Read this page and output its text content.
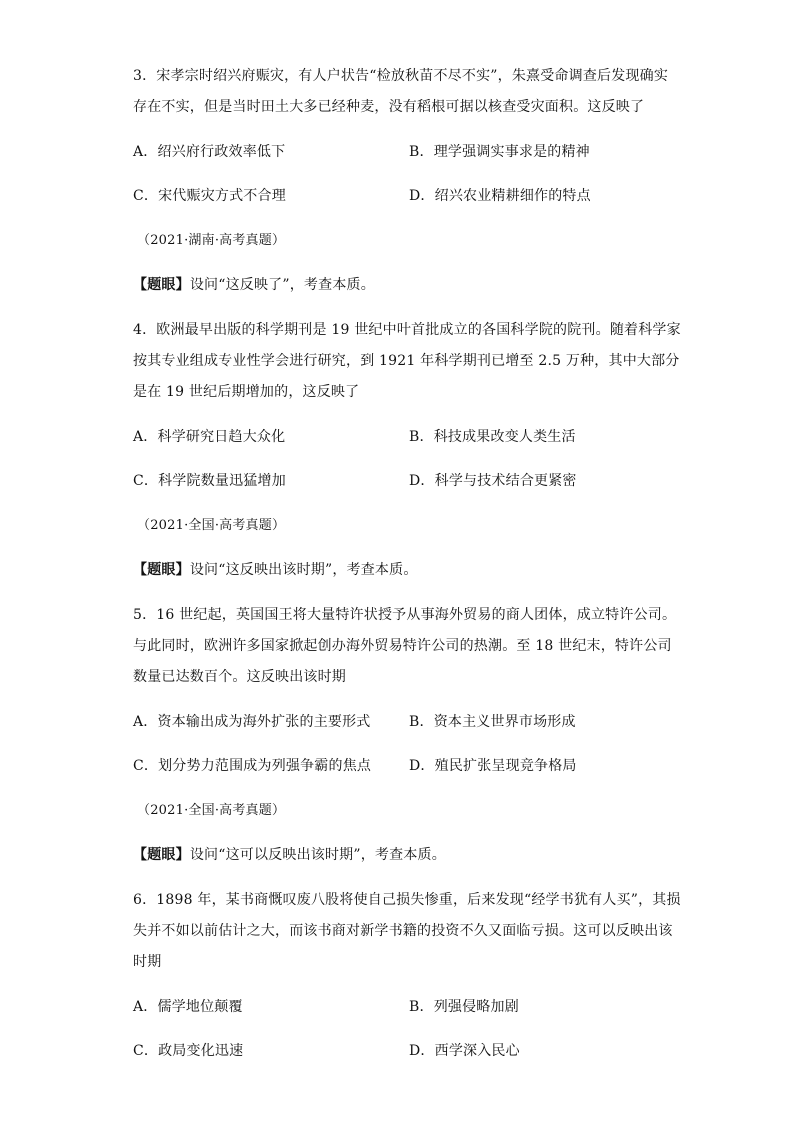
3．宋孝宗时绍兴府赈灾，有人户状告“检放秋苗不尽不实”，朱熹受命调查后发现确实
存在不实，但是当时田土大多已经种麦，没有稻根可据以核查受灾面积。这反映了
A．绍兴府行政效率低下	B．理学强调实事求是的精神
C．宋代赈灾方式不合理	D．绍兴农业精耕细作的特点
（2021·湖南·高考真题）
【题眼】设问“这反映了”，考查本质。
4．欧洲最早出版的科学期刊是 19 世纪中叶首批成立的各国科学院的院刊。随着科学家
按其专业组成专业性学会进行研究，到 1921 年科学期刊已增至 2.5 万种，其中大部分
是在 19 世纪后期增加的，这反映了
A．科学研究日趋大众化	B．科技成果改变人类生活
C．科学院数量迅猛增加	D．科学与技术结合更紧密
（2021·全国·高考真题）
【题眼】设问“这反映出该时期”，考查本质。
5．16 世纪起，英国国王将大量特许状授予从事海外贸易的商人团体，成立特许公司。
与此同时，欧洲许多国家掀起创办海外贸易特许公司的热潮。至 18 世纪末，特许公司
数量已达数百个。这反映出该时期
A．资本输出成为海外扩张的主要形式	B．资本主义世界市场形成
C．划分势力范围成为列强争霸的焦点	D．殖民扩张呈现竞争格局
（2021·全国·高考真题）
【题眼】设问“这可以反映出该时期”，考查本质。
6．1898 年，某书商慨叹废八股将使自己损失惨重，后来发现“经学书犹有人买”，其损
失并不如以前估计之大，而该书商对新学书籍的投资不久又面临亏损。这可以反映出该
时期
A．儒学地位颠覆	B．列强侵略加剧
C．政局变化迅速	D．西学深入民心
